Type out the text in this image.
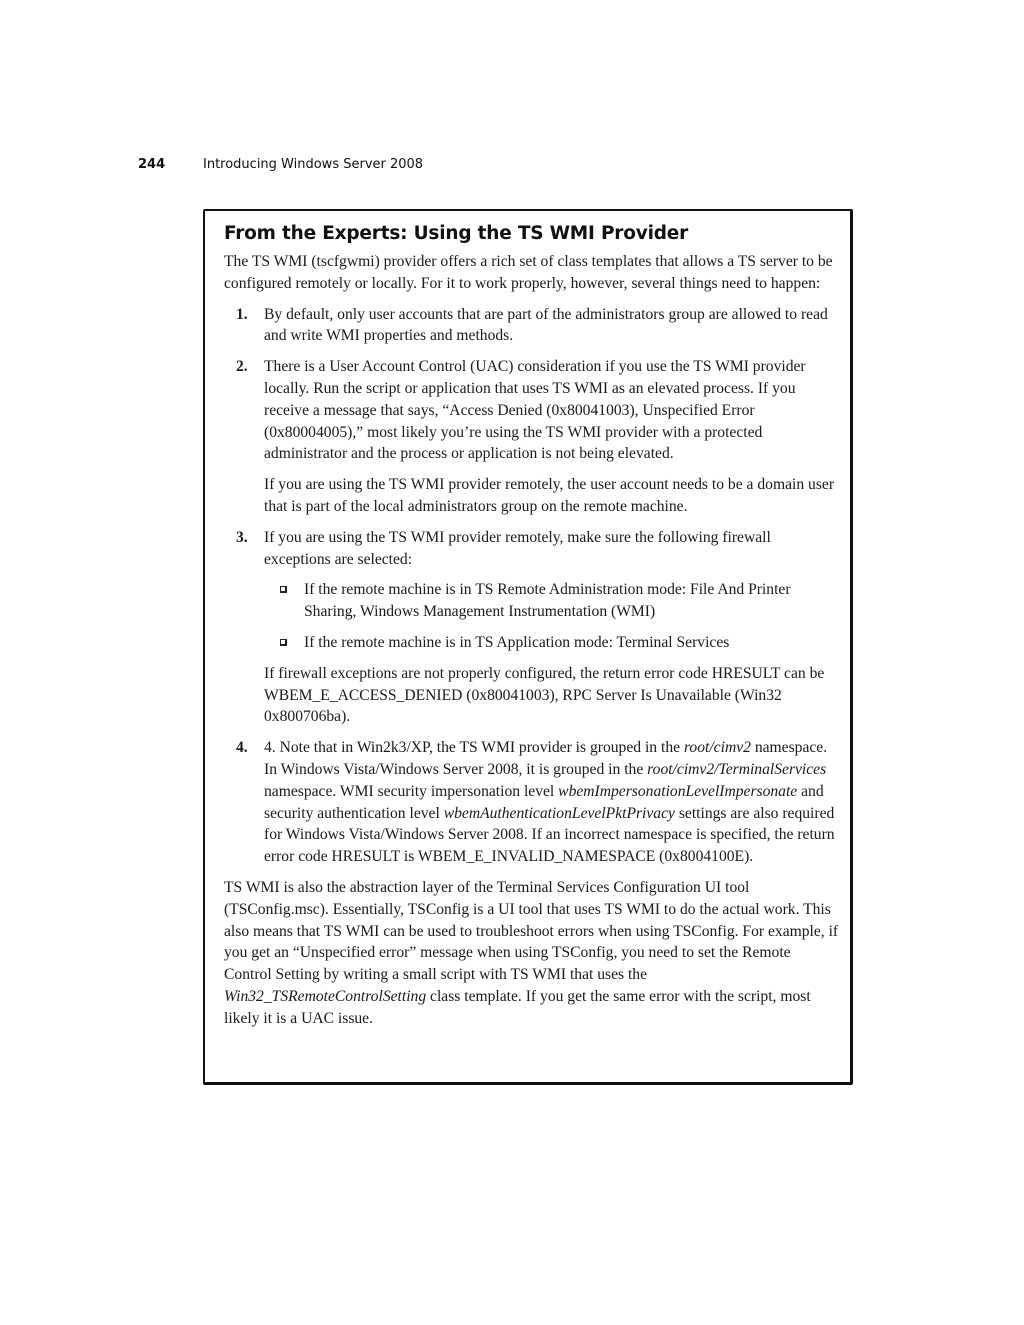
244	Introducing Windows Server 2008
From the Experts: Using the TS WMI Provider

The TS WMI (tscfgwmi) provider offers a rich set of class templates that allows a TS server to be configured remotely or locally. For it to work properly, however, several things need to happen:

1. By default, only user accounts that are part of the administrators group are allowed to read and write WMI properties and methods.

2. There is a User Account Control (UAC) consideration if you use the TS WMI provider locally. Run the script or application that uses TS WMI as an elevated process. If you receive a message that says, “Access Denied (0x80041003), Unspecified Error (0x80004005),” most likely you’re using the TS WMI provider with a protected administrator and the process or application is not being elevated.

If you are using the TS WMI provider remotely, the user account needs to be a domain user that is part of the local administrators group on the remote machine.

3. If you are using the TS WMI provider remotely, make sure the following firewall exceptions are selected:

If the remote machine is in TS Remote Administration mode: File And Printer Sharing, Windows Management Instrumentation (WMI)
If the remote machine is in TS Application mode: Terminal Services

If firewall exceptions are not properly configured, the return error code HRESULT can be WBEM_E_ACCESS_DENIED (0x80041003), RPC Server Is Unavailable (Win32 0x800706ba).

4. 4. Note that in Win2k3/XP, the TS WMI provider is grouped in the root/cimv2 namespace. In Windows Vista/Windows Server 2008, it is grouped in the root/cimv2/TerminalServices namespace. WMI security impersonation level wbemImpersonationLevelImpersonate and security authentication level wbemAuthenticationLevelPktPrivacy settings are also required for Windows Vista/Windows Server 2008. If an incorrect namespace is specified, the return error code HRESULT is WBEM_E_INVALID_NAMESPACE (0x8004100E).

TS WMI is also the abstraction layer of the Terminal Services Configuration UI tool (TSConfig.msc). Essentially, TSConfig is a UI tool that uses TS WMI to do the actual work. This also means that TS WMI can be used to troubleshoot errors when using TSConfig. For example, if you get an “Unspecified error” message when using TSConfig, you need to set the Remote Control Setting by writing a small script with TS WMI that uses the Win32_TSRemoteControlSetting class template. If you get the same error with the script, most likely it is a UAC issue.
